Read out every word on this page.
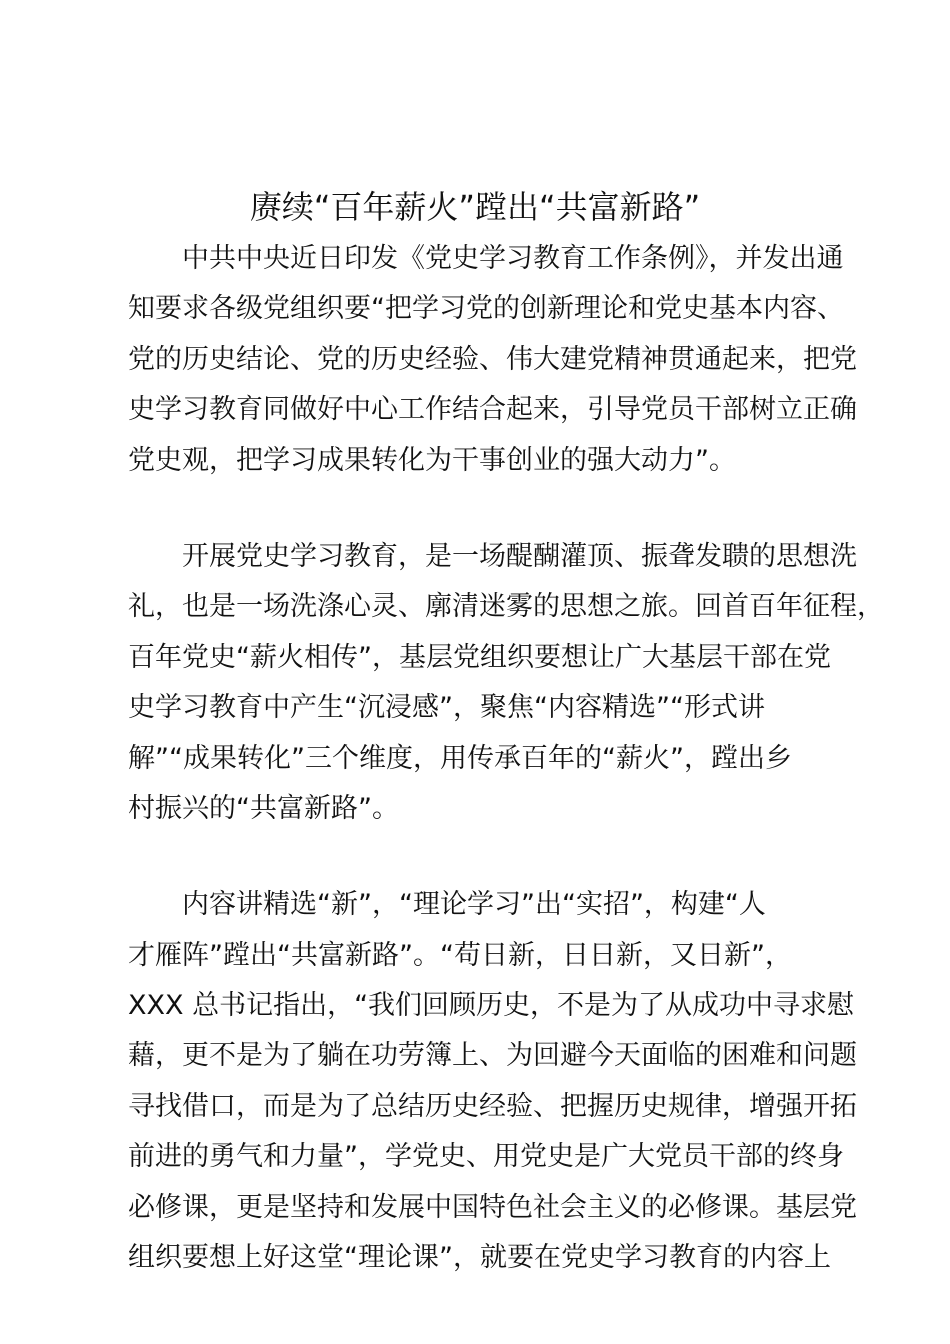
赓续“百年薪火”蹚出“共富新路”
中共中央近日印发《党史学习教育工作条例》，并发出通
知要求各级党组织要“把学习党的创新理论和党史基本内容、
党的历史结论、党的历史经验、伟大建党精神贯通起来，把党
史学习教育同做好中心工作结合起来，引导党员干部树立正确
党史观，把学习成果转化为干事创业的强大动力”。
开展党史学习教育，是一场醍醐灌顶、振聋发聩的思想洗
礼，也是一场洗涤心灵、廓清迷雾的思想之旅。回首百年征程，
百年党史“薪火相传”，基层党组织要想让广大基层干部在党
史学习教育中产生“沉浸感”，聚焦“内容精选”“形式讲
解”“成果转化”三个维度，用传承百年的“薪火”，蹚出乡
村振兴的“共富新路”。
内容讲精选“新”，“理论学习”出“实招”，构建“人
才雁阵”蹚出“共富新路”。“苟日新，日日新，又日新”，
XXX 总书记指出，“我们回顾历史，不是为了从成功中寻求慰
藉，更不是为了躺在功劳簿上、为回避今天面临的困难和问题
寻找借口，而是为了总结历史经验、把握历史规律，增强开拓
前进的勇气和力量”，学党史、用党史是广大党员干部的终身
必修课，更是坚持和发展中国特色社会主义的必修课。基层党
组织要想上好这堂“理论课”，就要在党史学习教育的内容上
